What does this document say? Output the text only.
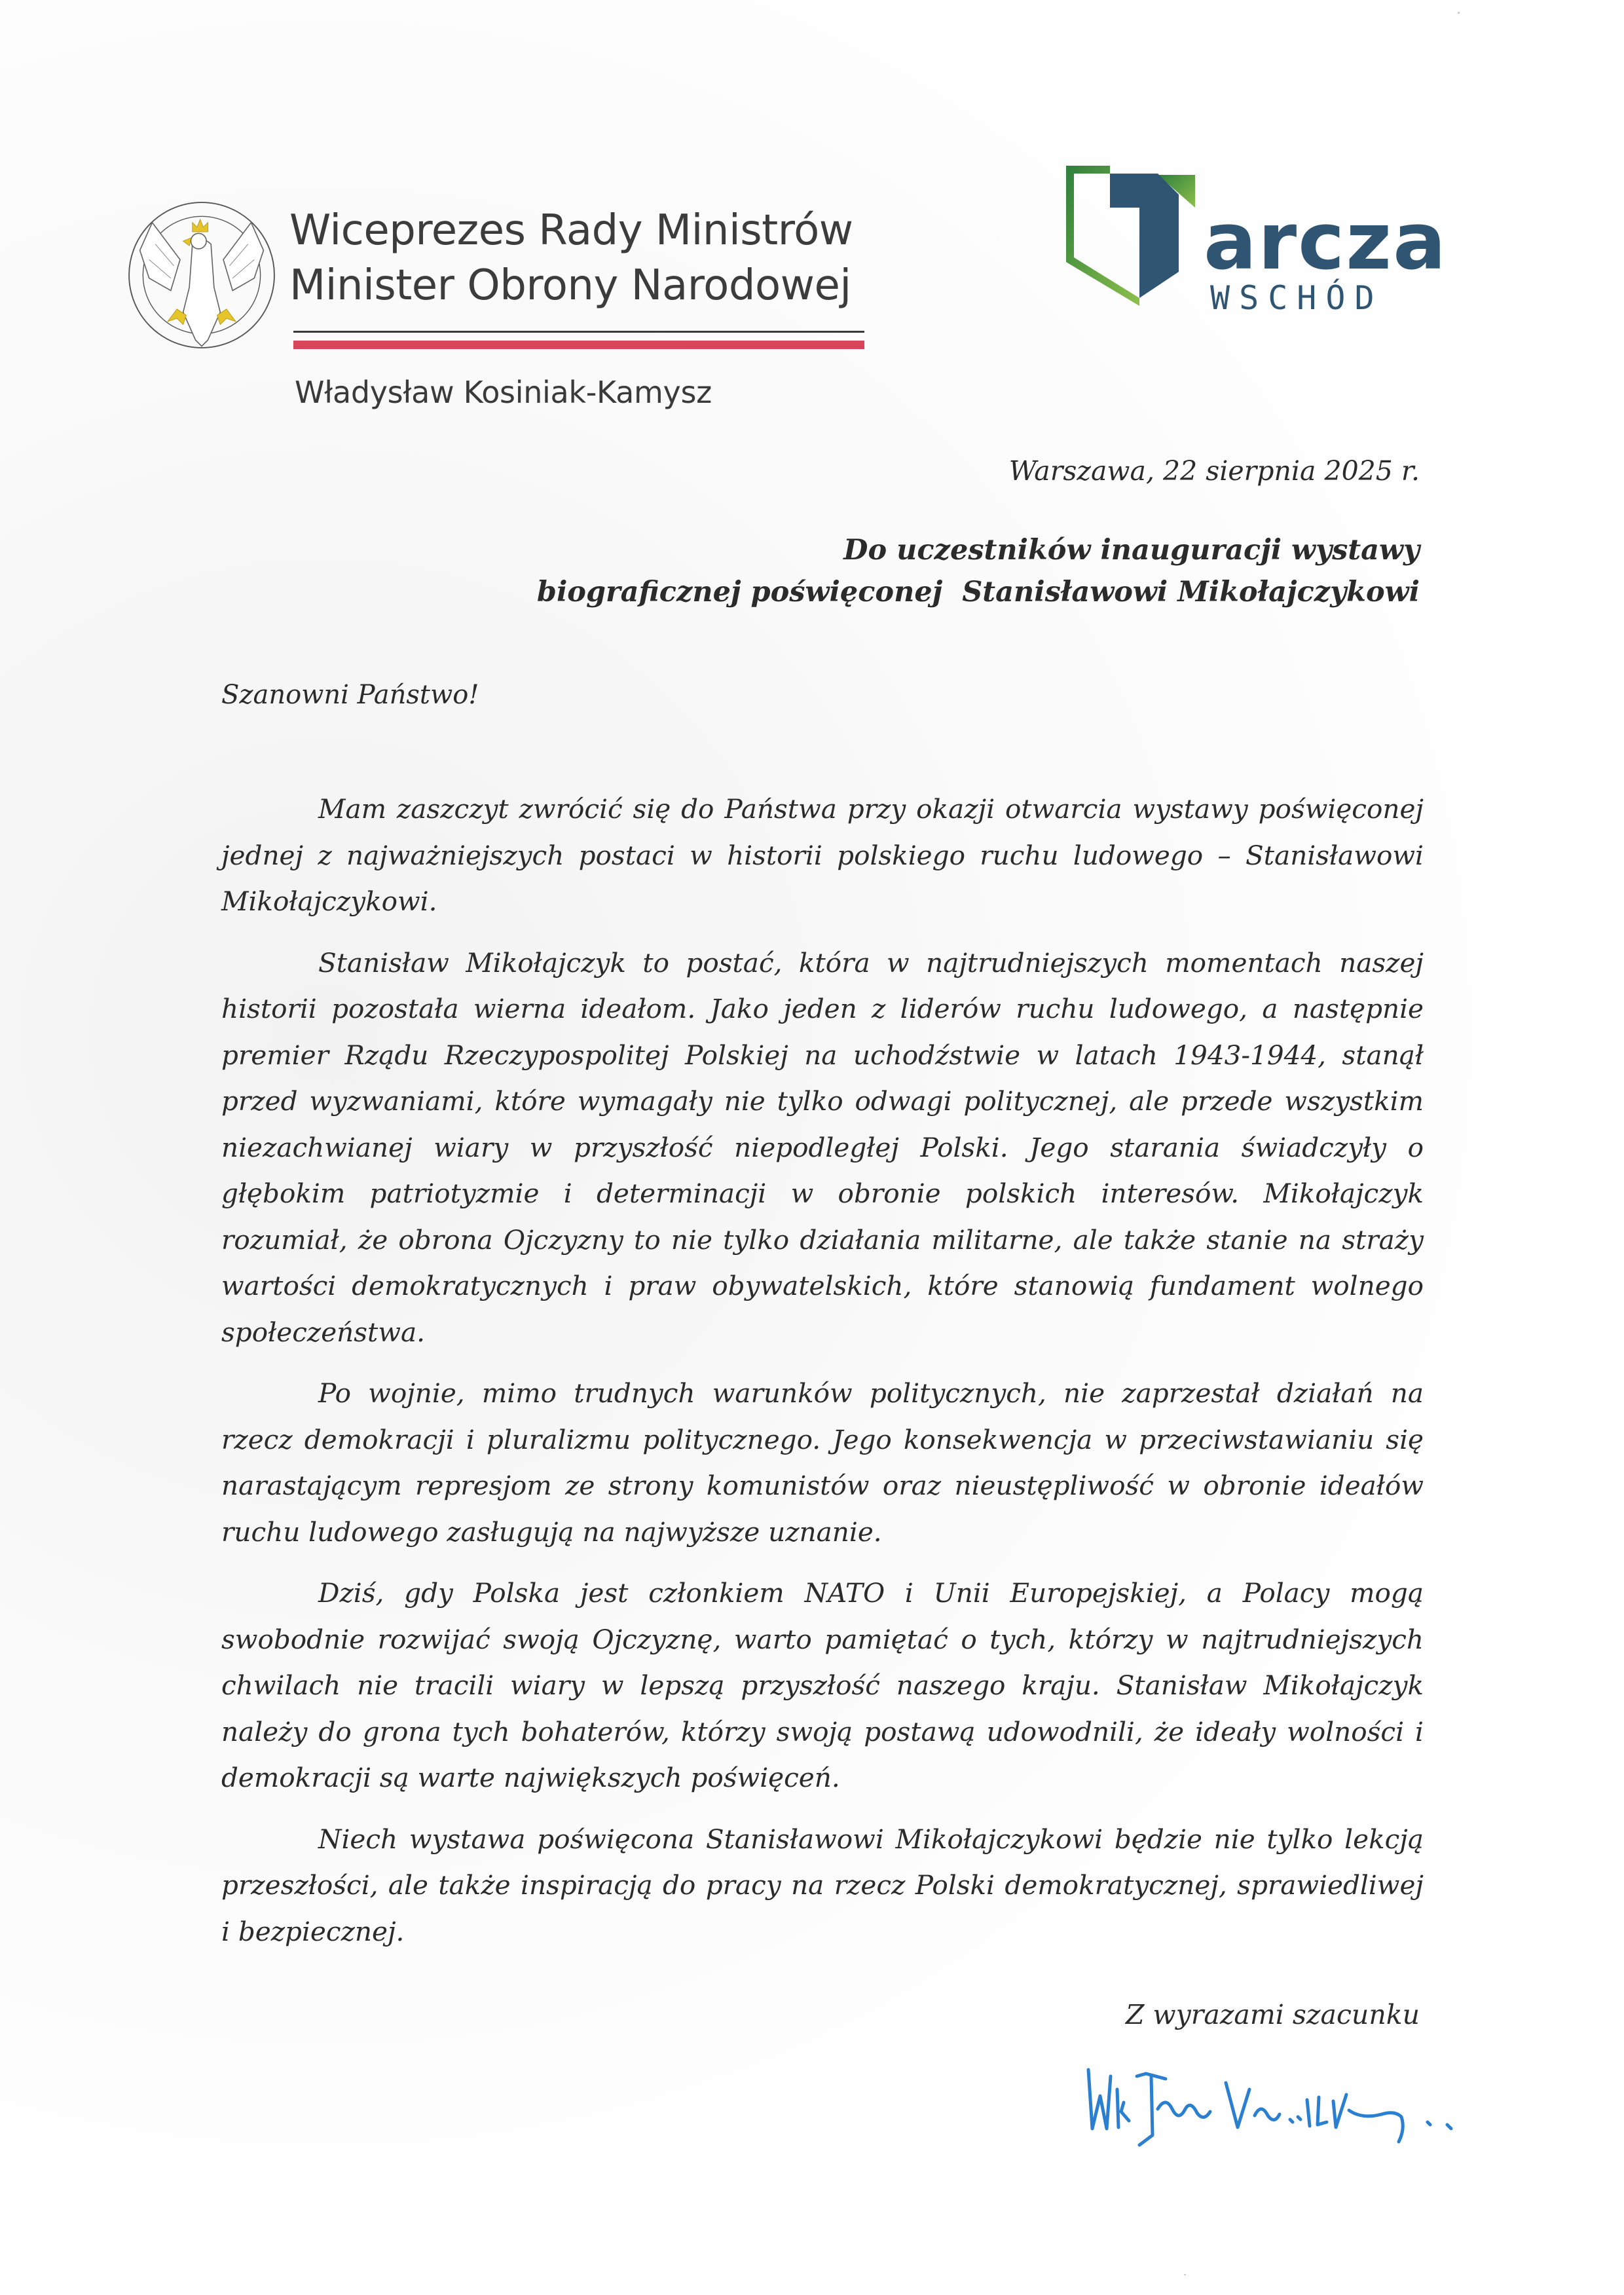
Wiceprezes Rady Ministrów
Minister Obrony Narodowej
Władysław Kosiniak-Kamysz
arcza
WSCHÓD
Warszawa, 22 sierpnia 2025 r.
Do uczestników inauguracji wystawy
biograficznej poświęconej  Stanisławowi Mikołajczykowi
Szanowni Państwo!

Mam zaszczyt zwrócić się do Państwa przy okazji otwarcia wystawy poświęconej jednej z najważniejszych postaci w historii polskiego ruchu ludowego – Stanisławowi Mikołajczykowi.

Stanisław Mikołajczyk to postać, która w najtrudniejszych momentach naszej historii pozostała wierna ideałom. Jako jeden z liderów ruchu ludowego, a następnie premier Rządu Rzeczypospolitej Polskiej na uchodźstwie w latach 1943-1944, stanął przed wyzwaniami, które wymagały nie tylko odwagi politycznej, ale przede wszystkim niezachwianej wiary w przyszłość niepodległej Polski. Jego starania świadczyły o głębokim patriotyzmie i determinacji w obronie polskich interesów. Mikołajczyk rozumiał, że obrona Ojczyzny to nie tylko działania militarne, ale także stanie na straży wartości demokratycznych i praw obywatelskich, które stanowią fundament wolnego społeczeństwa.

Po wojnie, mimo trudnych warunków politycznych, nie zaprzestał działań na rzecz demokracji i pluralizmu politycznego. Jego konsekwencja w przeciwstawianiu się narastającym represjom ze strony komunistów oraz nieustępliwość w obronie ideałów ruchu ludowego zasługują na najwyższe uznanie.

Dziś, gdy Polska jest członkiem NATO i Unii Europejskiej, a Polacy mogą swobodnie rozwijać swoją Ojczyznę, warto pamiętać o tych, którzy w najtrudniejszych chwilach nie tracili wiary w lepszą przyszłość naszego kraju. Stanisław Mikołajczyk należy do grona tych bohaterów, którzy swoją postawą udowodnili, że ideały wolności i demokracji są warte największych poświęceń.

Niech wystawa poświęcona Stanisławowi Mikołajczykowi będzie nie tylko lekcją przeszłości, ale także inspiracją do pracy na rzecz Polski demokratycznej, sprawiedliwej i bezpiecznej.

Z wyrazami szacunku
